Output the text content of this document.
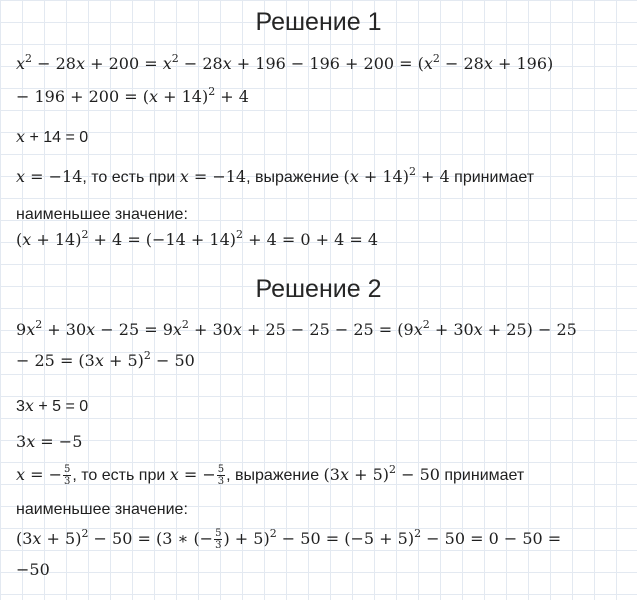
Решение 1
$x^2 - 28x + 200 = x^2 - 28x + 196 - 196 + 200 = (x^2 - 28x + 196)$
− $196 + 200 = (x + 14)^2 + 4$
x + 14 = 0
x = −14, то есть при x = −14, выражение $(x + 14)^2 + 4$ принимает
наименьшее значение:
$(x + 14)^2 + 4 = (-14 + 14)^2 + 4 = 0 + 4 = 4$
Решение 2
$9x^2 + 30x - 25 = 9x^2 + 30x + 25 - 25 - 25 = (9x^2 + 30x + 25) - 25$
− $25 = (3x + 5)^2 - 50$
3x + 5 = 0
3x = −5
x = − $\frac{5}{3}$ , то есть при x = − $\frac{5}{3}$ , выражение $(3x + 5)^2 - 50$ принимает
наименьшее значение:
$(3x + 5)^2 - 50 = (3$ ∗ (− $\frac{5}{3}$ ) + $5)^2 - 50 = (-5 + 5)^2 - 50 = 0 - 50$ =
−50
